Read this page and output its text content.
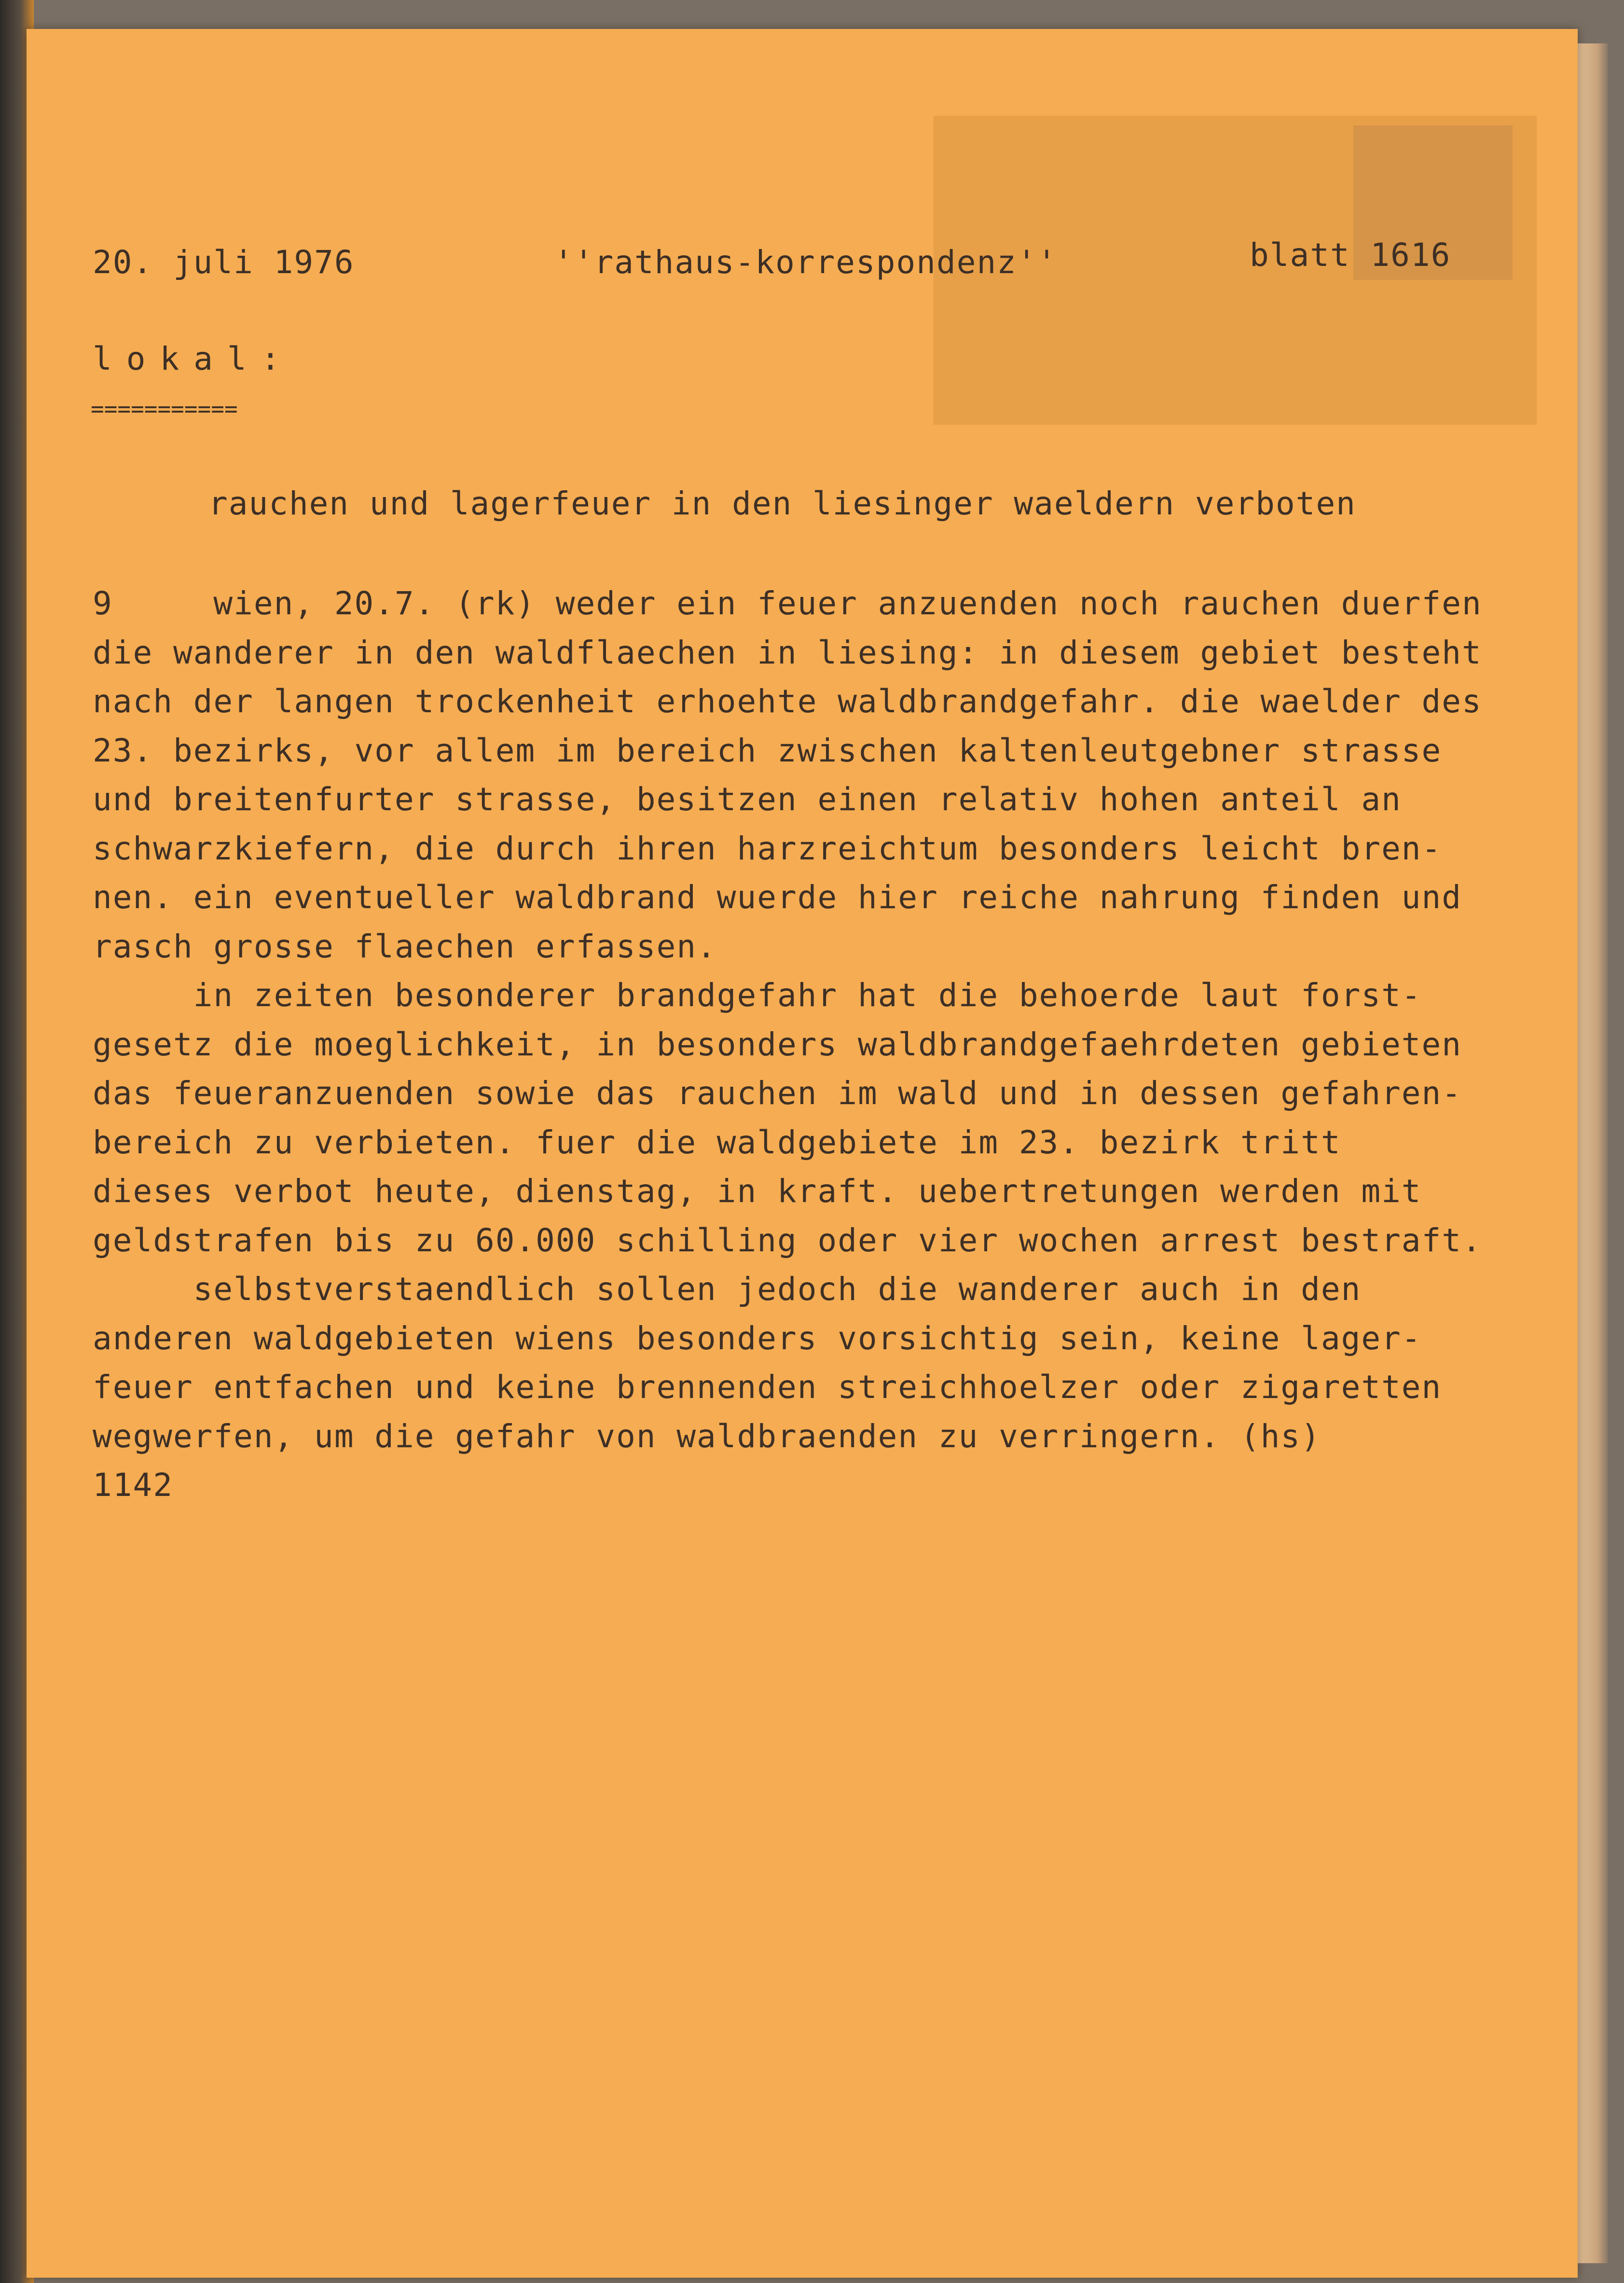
20. juli 1976	''rathaus-korrespondenz''	blatt 1616
lokal:
===========
rauchen und lagerfeuer in den liesinger waeldern verboten
9     wien, 20.7. (rk) weder ein feuer anzuenden noch rauchen duerfen
die wanderer in den waldflaechen in liesing: in diesem gebiet besteht
nach der langen trockenheit erhoehte waldbrandgefahr. die waelder des
23. bezirks, vor allem im bereich zwischen kaltenleutgebner strasse
und breitenfurter strasse, besitzen einen relativ hohen anteil an
schwarzkiefern, die durch ihren harzreichtum besonders leicht bren-
nen. ein eventueller waldbrand wuerde hier reiche nahrung finden und
rasch grosse flaechen erfassen.
in zeiten besonderer brandgefahr hat die behoerde laut forst-
gesetz die moeglichkeit, in besonders waldbrandgefaehrdeten gebieten
das feueranzuenden sowie das rauchen im wald und in dessen gefahren-
bereich zu verbieten. fuer die waldgebiete im 23. bezirk tritt
dieses verbot heute, dienstag, in kraft. uebertretungen werden mit
geldstrafen bis zu 60.000 schilling oder vier wochen arrest bestraft.
selbstverstaendlich sollen jedoch die wanderer auch in den
anderen waldgebieten wiens besonders vorsichtig sein, keine lager-
feuer entfachen und keine brennenden streichhoelzer oder zigaretten
wegwerfen, um die gefahr von waldbraenden zu verringern. (hs)
1142
